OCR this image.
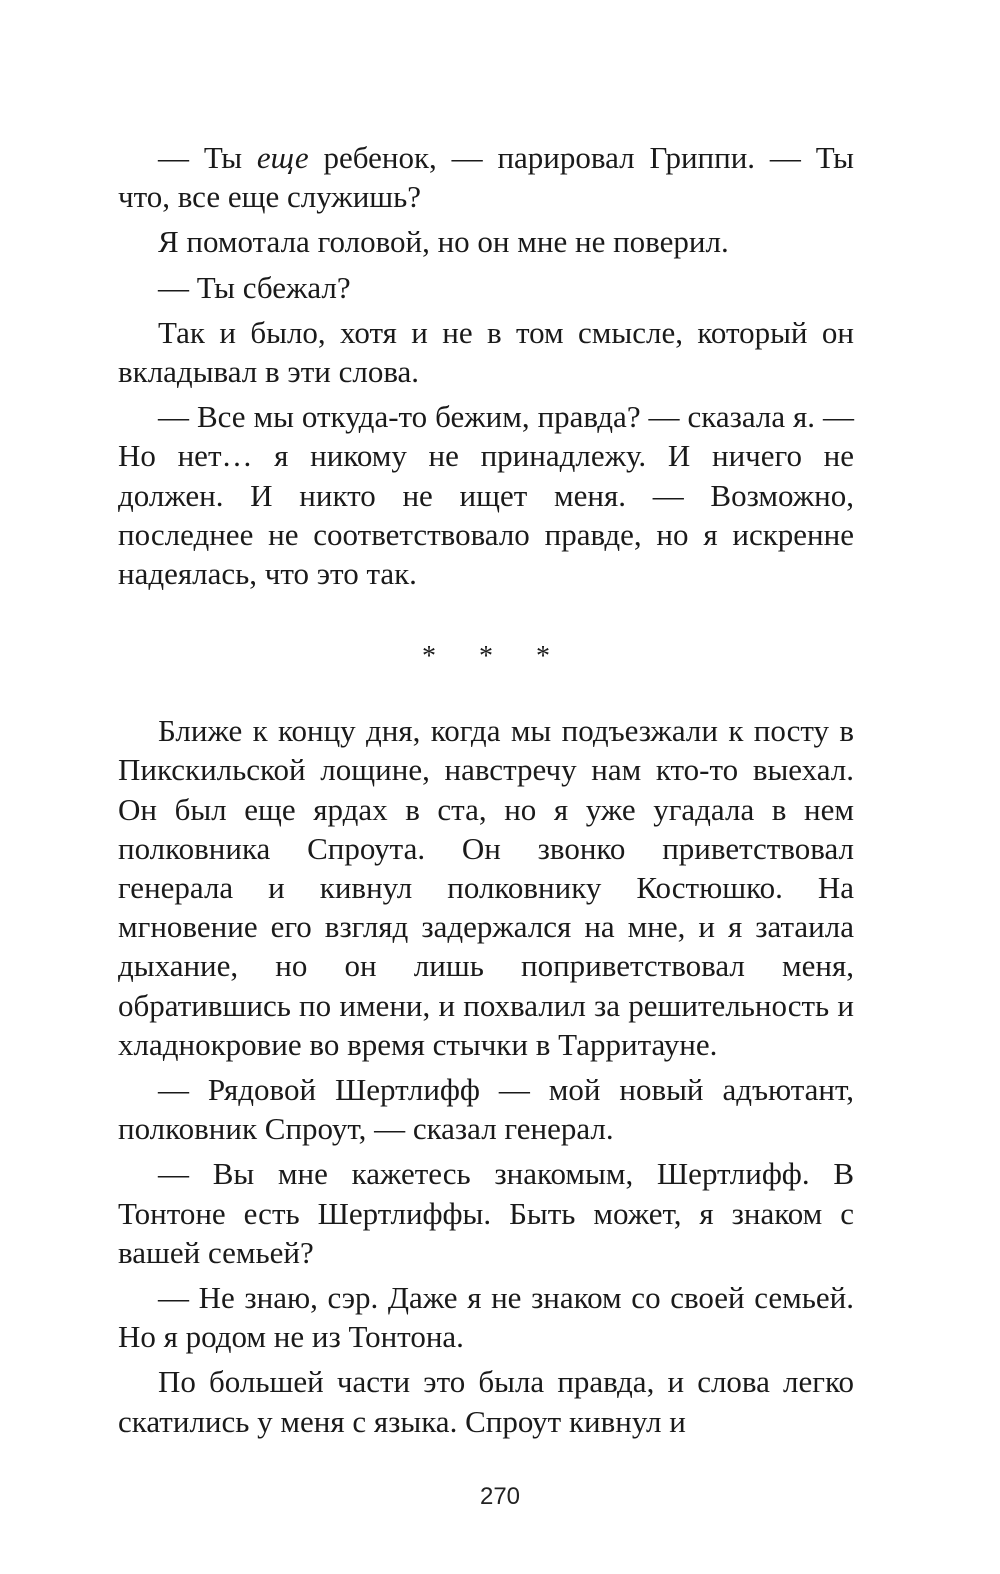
— Ты еще ребенок, — парировал Гриппи. — Ты что, все еще служишь?

Я помотала головой, но он мне не поверил.

— Ты сбежал?

Так и было, хотя и не в том смысле, который он вкладывал в эти слова.

— Все мы откуда-то бежим, правда? — сказала я. — Но нет… я никому не принадлежу. И ничего не должен. И никто не ищет меня. — Возможно, последнее не соответствовало правде, но я искренне надеялась, что это так.

* * *

Ближе к концу дня, когда мы подъезжали к посту в Пикскильской лощине, навстречу нам кто-то выехал. Он был еще ярдах в ста, но я уже угадала в нем полковника Спроута. Он звонко приветствовал генерала и кивнул полковнику Костюшко. На мгновение его взгляд задержался на мне, и я затаила дыхание, но он лишь поприветствовал меня, обратившись по имени, и похвалил за решительность и хладнокровие во время стычки в Тарритауне.

— Рядовой Шертлифф — мой новый адъютант, полковник Спроут, — сказал генерал.

— Вы мне кажетесь знакомым, Шертлифф. В Тонтоне есть Шертлиффы. Быть может, я знаком с вашей семьей?

— Не знаю, сэр. Даже я не знаком со своей семьей. Но я родом не из Тонтона.

По большей части это была правда, и слова легко скатились у меня с языка. Спроут кивнул и

270
